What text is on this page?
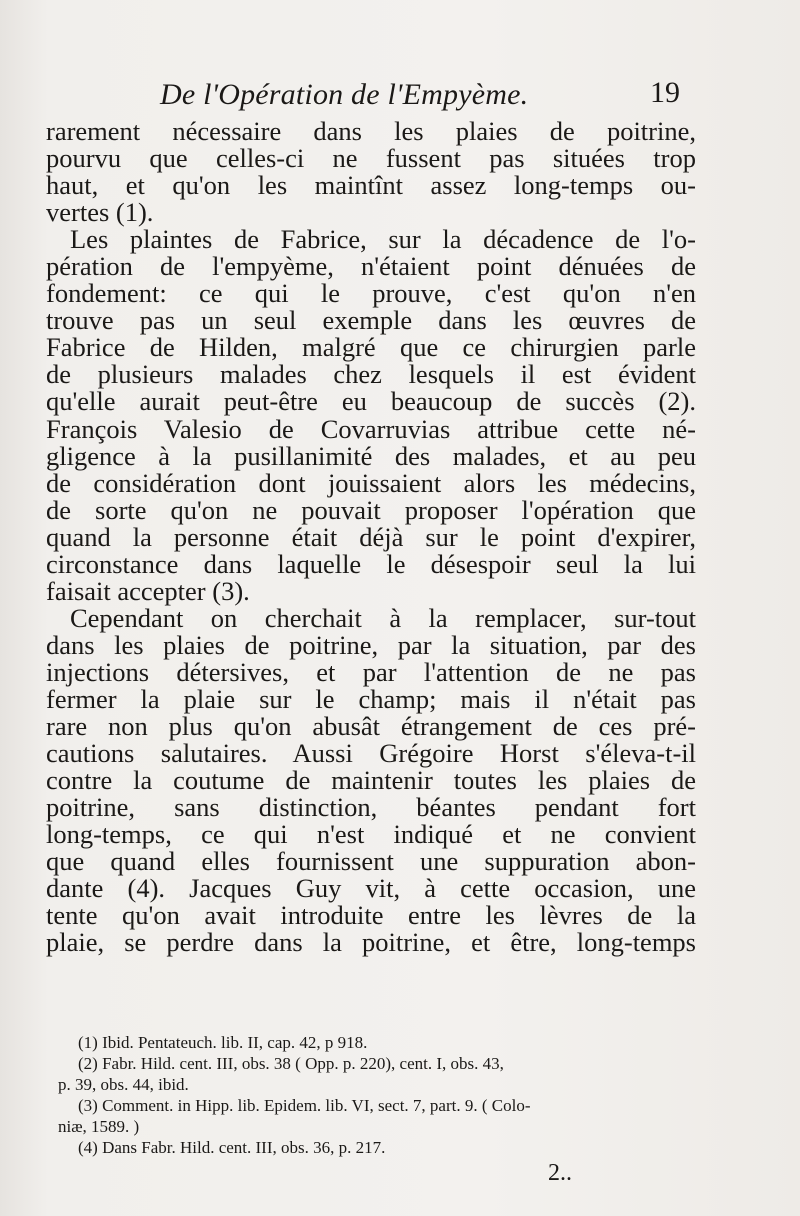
De l'Opération de l'Empyème.	19
rarement nécessaire dans les plaies de poitrine,
pourvu que celles-ci ne fussent pas situées trop
haut, et qu'on les maintînt assez long-temps ou-
vertes (1).
Les plaintes de Fabrice, sur la décadence de l'o-
pération de l'empyème, n'étaient point dénuées de
fondement: ce qui le prouve, c'est qu'on n'en
trouve pas un seul exemple dans les œuvres de
Fabrice de Hilden, malgré que ce chirurgien parle
de plusieurs malades chez lesquels il est évident
qu'elle aurait peut-être eu beaucoup de succès (2).
François Valesio de Covarruvias attribue cette né-
gligence à la pusillanimité des malades, et au peu
de considération dont jouissaient alors les médecins,
de sorte qu'on ne pouvait proposer l'opération que
quand la personne était déjà sur le point d'expirer,
circonstance dans laquelle le désespoir seul la lui
faisait accepter (3).
Cependant on cherchait à la remplacer, sur-tout
dans les plaies de poitrine, par la situation, par des
injections détersives, et par l'attention de ne pas
fermer la plaie sur le champ; mais il n'était pas
rare non plus qu'on abusât étrangement de ces pré-
cautions salutaires. Aussi Grégoire Horst s'éleva-t-il
contre la coutume de maintenir toutes les plaies de
poitrine, sans distinction, béantes pendant fort
long-temps, ce qui n'est indiqué et ne convient
que quand elles fournissent une suppuration abon-
dante (4). Jacques Guy vit, à cette occasion, une
tente qu'on avait introduite entre les lèvres de la
plaie, se perdre dans la poitrine, et être, long-temps
(1) Ibid. Pentateuch. lib. II, cap. 42, p 918.
(2) Fabr. Hild. cent. III, obs. 38 ( Opp. p. 220), cent. I, obs. 43,
p. 39, obs. 44, ibid.
(3) Comment. in Hipp. lib. Epidem. lib. VI, sect. 7, part. 9. ( Colo-
niæ, 1589. )
(4) Dans Fabr. Hild. cent. III, obs. 36, p. 217.
2..
